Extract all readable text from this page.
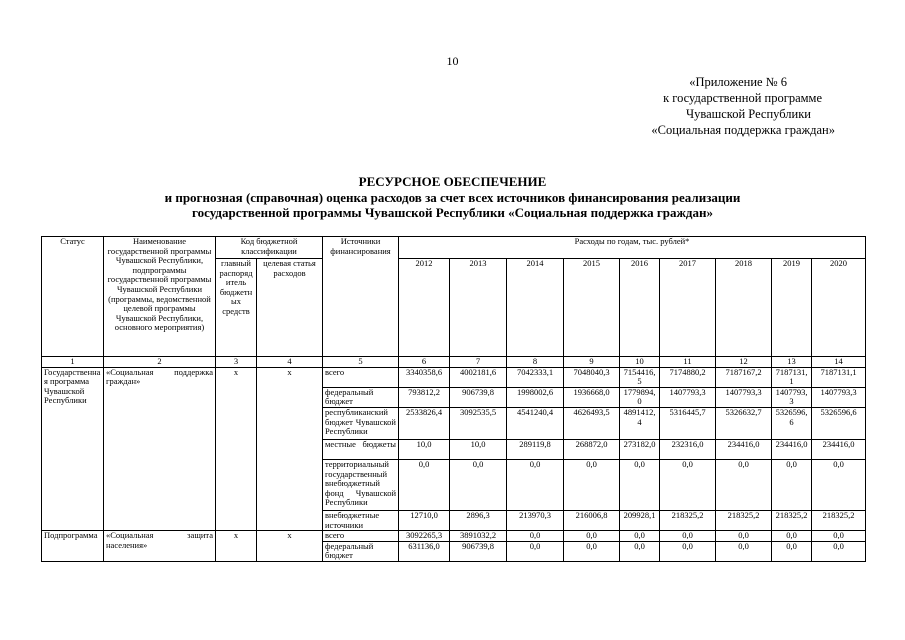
10
«Приложение № 6
к государственной программе
Чувашской Республики
«Социальная поддержка граждан»
РЕСУРСНОЕ ОБЕСПЕЧЕНИЕ
и прогнозная (справочная) оценка расходов за счет всех источников финансирования реализации
государственной программы Чувашской Республики «Социальная поддержка граждан»
Статус	Наименование государственной программы Чувашской Республики, подпрограммы государственной программы Чувашской Республики (программы, ведомственной целевой программы Чувашской Республики, основного мероприятия)	Код бюджетной классификации		Источники финансирования	Расходы по годам, тыс. рублей*								
		главный распорядитель бюджетных средств	целевая статья расходов		2012	2013	2014	2015	2016	2017	2018	2019	2020
1	2	3	4	5	6	7	8	9	10	11	12	13	14
Государственная программа Чувашской Республики	«Социальная поддержка граждан»	х	х	всего	3340358,6	4002181,6	7042333,1	7048040,3	7154416,5	7174880,2	7187167,2	7187131,1	7187131,1
				федеральный бюджет	793812,2	906739,8	1998002,6	1936668,0	1779894,0	1407793,3	1407793,3	1407793,3	1407793,3
				республиканский бюджет Чувашской Республики	2533826,4	3092535,5	4541240,4	4626493,5	4891412,4	5316445,7	5326632,7	5326596,6	5326596,6
				местные бюджеты	10,0	10,0	289119,8	268872,0	273182,0	232316,0	234416,0	234416,0	234416,0
				территориальный государственный внебюджетный фонд Чувашской Республики	0,0	0,0	0,0	0,0	0,0	0,0	0,0	0,0	0,0
				внебюджетные источники	12710,0	2896,3	213970,3	216006,8	209928,1	218325,2	218325,2	218325,2	218325,2
Подпрограмма	«Социальная защита населения»	х	х	всего	3092265,3	3891032,2	0,0	0,0	0,0	0,0	0,0	0,0	0,0
				федеральный бюджет	631136,0	906739,8	0,0	0,0	0,0	0,0	0,0	0,0	0,0
